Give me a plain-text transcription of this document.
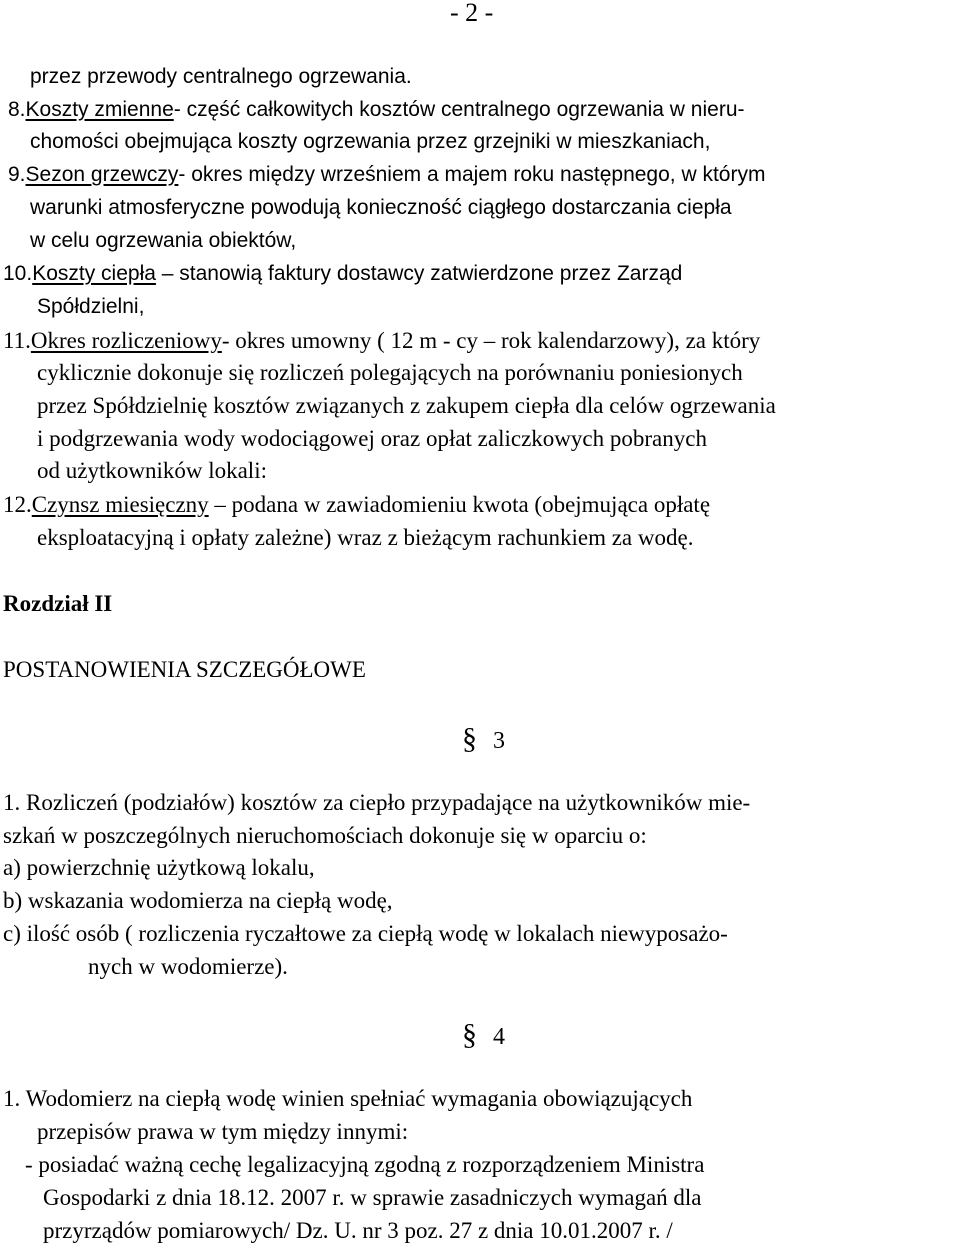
- 2 -
przez przewody centralnego ogrzewania.
8.Koszty zmienne- część całkowitych kosztów centralnego ogrzewania w nieru-
chomości obejmująca koszty ogrzewania przez grzejniki w mieszkaniach,
9.Sezon grzewczy- okres między wrześniem a majem roku następnego, w którym
warunki atmosferyczne powodują konieczność ciągłego dostarczania ciepła
w celu ogrzewania obiektów,
10.Koszty ciepła – stanowią faktury dostawcy zatwierdzone przez Zarząd
Spółdzielni,
11.Okres rozliczeniowy- okres umowny ( 12 m - cy – rok kalendarzowy), za który
cyklicznie dokonuje się rozliczeń polegających na porównaniu poniesionych
przez Spółdzielnię kosztów związanych z zakupem ciepła dla celów ogrzewania
i podgrzewania wody wodociągowej oraz opłat zaliczkowych pobranych
od użytkowników lokali:
12.Czynsz miesięczny – podana w zawiadomieniu kwota (obejmująca opłatę
eksploatacyjną i opłaty zależne) wraz z bieżącym rachunkiem za wodę.
Rozdział II
POSTANOWIENIA SZCZEGÓŁOWE
§ 3
1. Rozliczeń (podziałów) kosztów za ciepło przypadające na użytkowników mie-
szkań w poszczególnych nieruchomościach dokonuje się w oparciu o:
a) powierzchnię użytkową lokalu,
b) wskazania wodomierza na ciepłą wodę,
c) ilość osób ( rozliczenia ryczałtowe za ciepłą wodę w lokalach niewyposażo-
nych w wodomierze).
§ 4
1. Wodomierz na ciepłą wodę winien spełniać wymagania obowiązujących
przepisów prawa w tym między innymi:
- posiadać ważną cechę legalizacyjną zgodną z rozporządzeniem Ministra
Gospodarki z dnia 18.12. 2007 r. w sprawie zasadniczych wymagań dla
przyrządów pomiarowych/ Dz. U. nr 3 poz. 27 z dnia 10.01.2007 r. /
